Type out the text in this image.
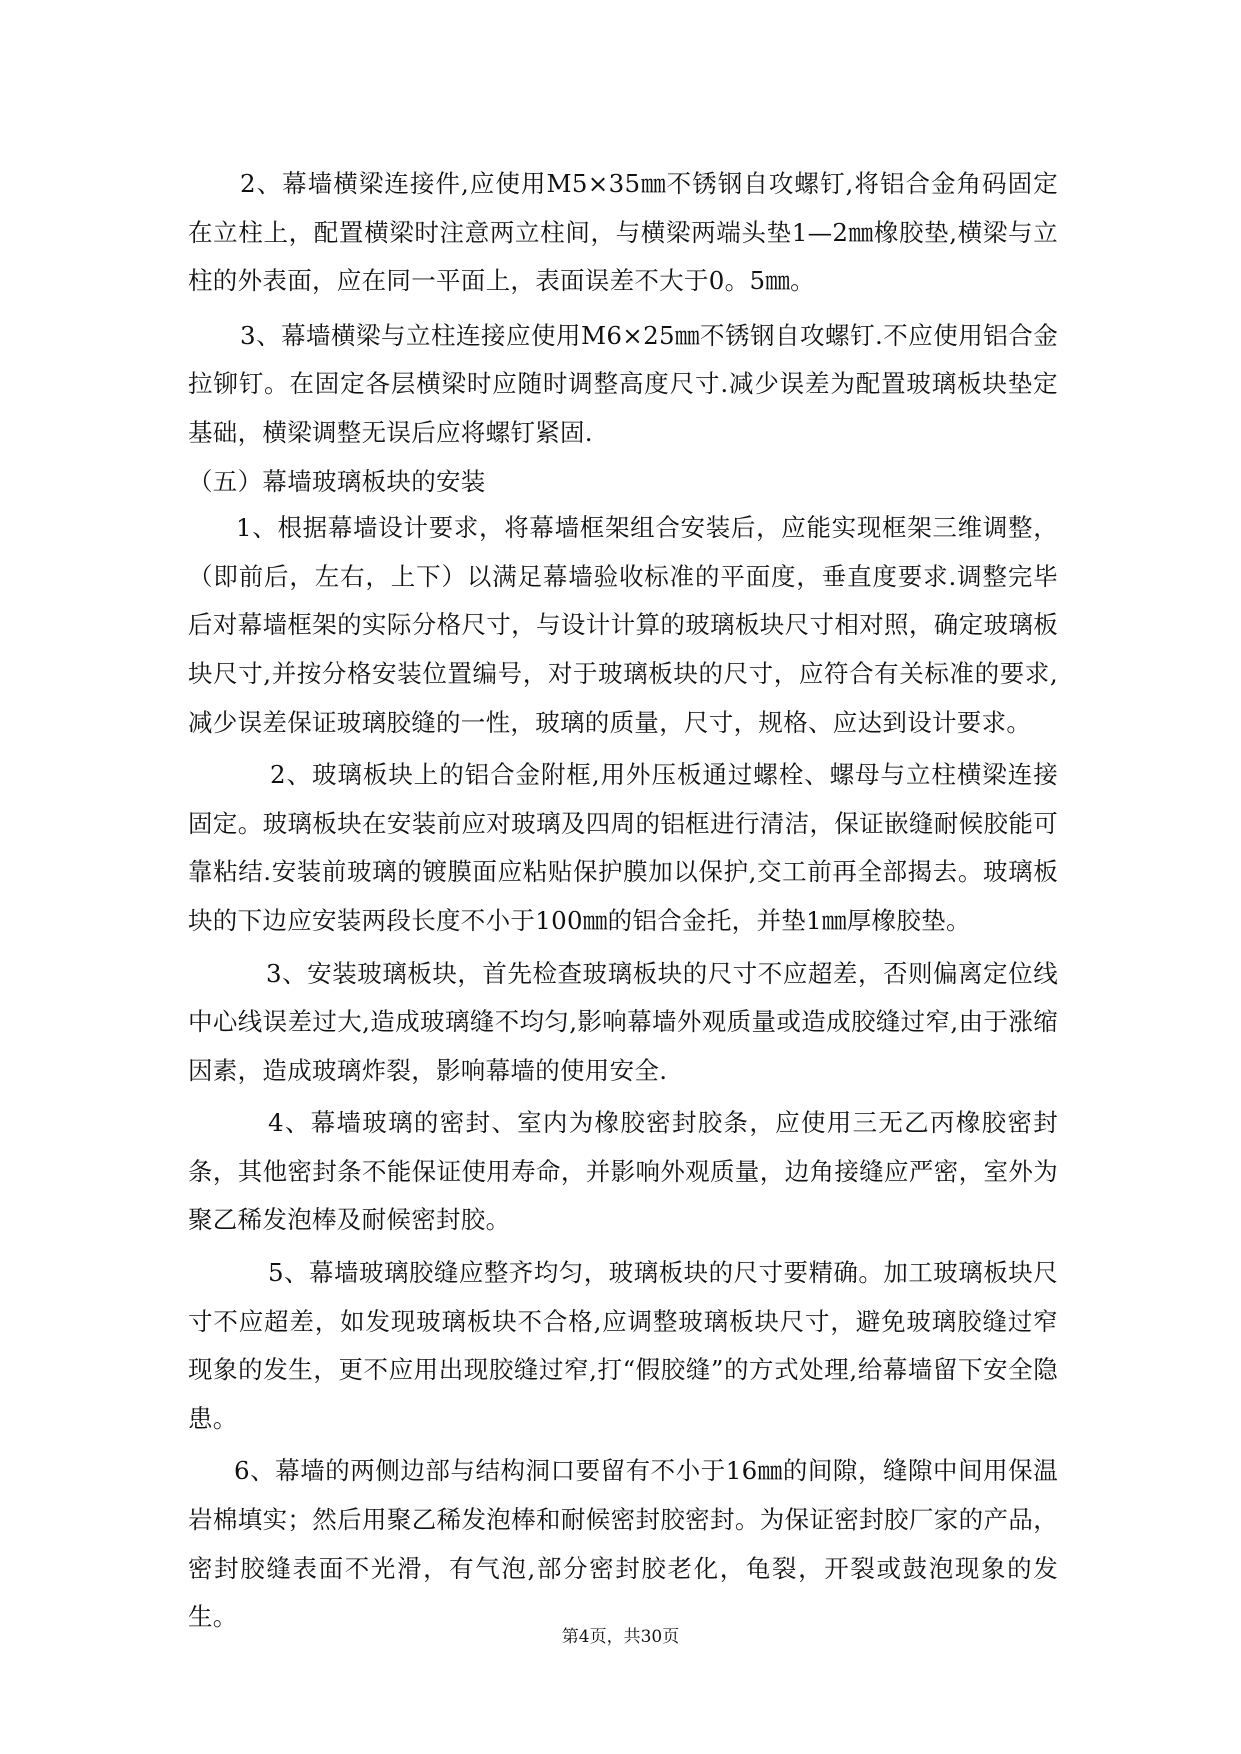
2、幕墙横梁连接件,应使用M5×35㎜不锈钢自攻螺钉,将铝合金角码固定在立柱上，配置横梁时注意两立柱间，与横梁两端头垫1—2㎜橡胶垫,横梁与立柱的外表面，应在同一平面上，表面误差不大于0。5㎜。

3、幕墙横梁与立柱连接应使用M6×25㎜不锈钢自攻螺钉.不应使用铝合金拉铆钉。在固定各层横梁时应随时调整高度尺寸.减少误差为配置玻璃板块垫定基础，横梁调整无误后应将螺钉紧固.

（五）幕墙玻璃板块的安装

1、根据幕墙设计要求，将幕墙框架组合安装后，应能实现框架三维调整，（即前后，左右，上下）以满足幕墙验收标准的平面度，垂直度要求.调整完毕后对幕墙框架的实际分格尺寸，与设计计算的玻璃板块尺寸相对照，确定玻璃板块尺寸,并按分格安装位置编号，对于玻璃板块的尺寸，应符合有关标准的要求,减少误差保证玻璃胶缝的一性，玻璃的质量，尺寸，规格、应达到设计要求。

2、玻璃板块上的铝合金附框,用外压板通过螺栓、螺母与立柱横梁连接固定。玻璃板块在安装前应对玻璃及四周的铝框进行清洁，保证嵌缝耐候胶能可靠粘结.安装前玻璃的镀膜面应粘贴保护膜加以保护,交工前再全部揭去。玻璃板块的下边应安装两段长度不小于100㎜的铝合金托，并垫1㎜厚橡胶垫。

3、安装玻璃板块，首先检查玻璃板块的尺寸不应超差，否则偏离定位线中心线误差过大,造成玻璃缝不均匀,影响幕墙外观质量或造成胶缝过窄,由于涨缩因素，造成玻璃炸裂，影响幕墙的使用安全.

4、幕墙玻璃的密封、室内为橡胶密封胶条，应使用三无乙丙橡胶密封条，其他密封条不能保证使用寿命，并影响外观质量，边角接缝应严密，室外为聚乙稀发泡棒及耐候密封胶。

5、幕墙玻璃胶缝应整齐均匀，玻璃板块的尺寸要精确。加工玻璃板块尺寸不应超差，如发现玻璃板块不合格,应调整玻璃板块尺寸，避免玻璃胶缝过窄现象的发生，更不应用出现胶缝过窄,打“假胶缝”的方式处理,给幕墙留下安全隐患。

6、幕墙的两侧边部与结构洞口要留有不小于16㎜的间隙，缝隙中间用保温岩棉填实；然后用聚乙稀发泡棒和耐候密封胶密封。为保证密封胶厂家的产品，密封胶缝表面不光滑，有气泡,部分密封胶老化，龟裂，开裂或鼓泡现象的发生。

第4页，共30页
